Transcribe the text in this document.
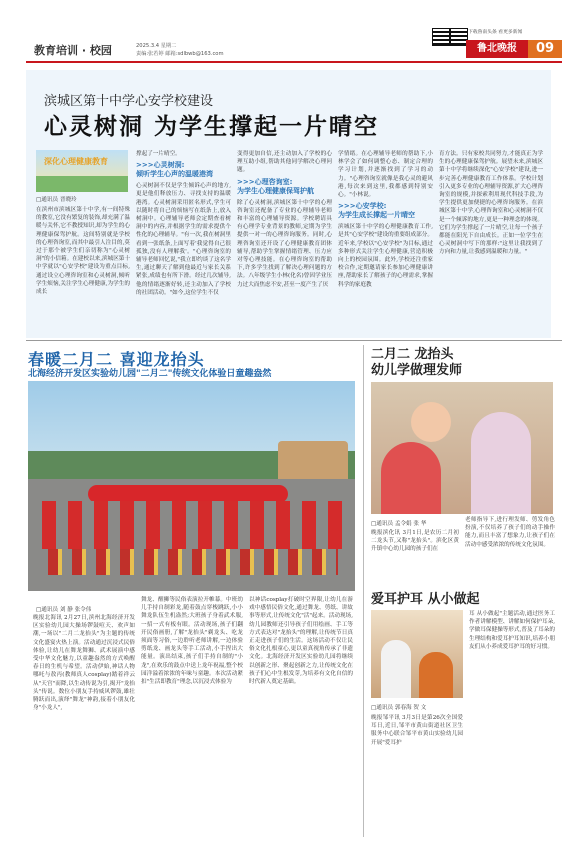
教育培训 · 校园	2025.3.4 星期二
责编:张若婷 邮箱:sdlbwb@163.com
下载鲁南头条 看更多新闻
鲁北晚报	09
滨城区第十中学心安学校建设
心灵树洞 为学生撑起一片晴空
深化心理健康教育
□通讯员 晋晓玲
在滨州市滨城区第十中学,有一间特殊的教室,它没有繁复的装饰,却充满了温暖与关怀,它不教授知识,却为学生的心理健康保驾护航。这间特别就是学校的心理咨询室,而其中最引人注目的,莫过于那个被学生们亲切称为"心灵树洞"的小信箱。在建校以来,滨城区第十中学就以"心安学校"建设为重点目标,通过设立心理咨询室和心灵树洞,倾听学生烦恼,关注学生心理健康,为学生的成长
撑起了一片晴空。
>>>心灵树洞:
倾听学生心声的温暖港湾
心灵树洞不仅是学生倾诉心声的地方,更是他们释放压力、寻找支持的温暖港湾。心灵树洞采用匿名形式,学生可以随时将自己的烦恼写在纸条上,放入树洞中。心理辅导老师会定期查看树洞中的内容,并根据学生的需求提供个性化的心理辅导。"有一次,我在树洞里看到一张纸条,上面写着'我觉得自己很孤独,没有人理解我'。"心理咨询室的辅导老师回忆说,"我立即约谈了这名学生,通过聊天了解到他最近与家长关系紧张,成绩也有所下滑。经过几次辅导,他的情绪逐渐好转,还主动加入了学校的社团活动。"如今,这位学生不仅
变得更加自信,还主动加入了学校的心理互助小组,帮助其他同学解决心理问题。
>>>心理咨询室:
为学生心理健康保驾护航
除了心灵树洞,滨城区第十中学的心理咨询室还配备了专业的心理辅导老师和丰富的心理辅导资源。学校聘请具有心理学专业背景的教师,定期为学生提供一对一的心理咨询服务。同时,心理咨询室还开设了心理健康教育团体辅导,帮助学生掌握情绪管理、压力应对等心理技能。在心理咨询室的帮助下,许多学生找到了解决心理问题的方法。八年级学生小林(化名)曾因学业压力过大而焦虑不安,甚至一度产生了厌
学情绪。在心理辅导老师的帮助下,小林学会了如何调整心态、制定合理的学习计划,并逐渐找到了学习的动力。"心理咨询室就像是我心灵的避风港,每次来到这里,我都感到特别安心。"小林说。
>>>心安学校:
为学生成长撑起一片晴空
滨城区第十中学的心理健康教育工作,是其"心安学校"建设的重要组成部分。近年来,学校以"心安学校"为目标,通过多种形式关注学生心理健康,营造积极向上的校园氛围。此外,学校还注重家校合作,定期邀请家长参加心理健康讲座,帮助家长了解孩子的心理需求,掌握科学的家庭教
育方法。只有家校共同努力,才能真正为学生的心理健康保驾护航。展望未来,滨城区第十中学将继续深化"心安学校"建设,进一步完善心理健康教育工作体系。学校计划引入更多专业的心理辅导资源,扩大心理咨询室的规模,并探索利用现代科技手段,为学生提供更加便捷的心理咨询服务。在滨城区第十中学,心理咨询室和心灵树洞不仅是一个倾诉的地方,更是一种理念的体现。它们为学生撑起了一片晴空,让每一个孩子都能在阳光下自由成长。正如一位学生在心灵树洞中写下的那样:"这里让我找到了方向和力量,让我感到温暖和力量。"
春暖二月二 喜迎龙抬头
北海经济开发区实验幼儿园"二月二"传统文化体验日童趣盎然
□通讯员 刘 静 张令伟
晚报北海讯 2月27日,滨州北海经济开发区实验幼儿园大操场锣鼓喧天、欢声如潮,一场以"二月二龙抬头"为主题的传统文化盛宴火热上演。活动通过沉浸式民俗体验,让幼儿在舞龙舞狮、武术展演中感受中华文化魅力,以童趣盎然的方式唤醒春日的生机与希望。活动伊始,神话人物哪吒与敖丙(教师真人cosplay)踏着祥云从"天宫"而降,以生动传说为引,揭开"龙抬头"传说。数位小朋友手持威风锣鼓,雄壮腾跃而出,演绎"舞龙"神韵,接着小朋友化身"小龙人",
舞龙、醒狮等民俗表演拉开帷幕。中班幼儿手持自制彩龙,随着鼓点穿梭跳跃,小小舞龙队伍生机盎然;大班孩子身着武术服,一招一式有板有眼。活动现场,孩子们翻开民俗画册,了解"龙抬头"剃龙头、吃龙须面等习俗,一边聆听老师讲解,一边体验剪纸龙、画龙头等手工活动,小手捏出大能量。演出结束,孩子们手持自制的"小龙",在欢乐的鼓点中送上龙年祝福,整个校园洋溢着浓浓的年味与童趣。本次活动紧扣"生活即教育"理念,以沉浸式体验为
以神话cosplay打破时空界限,让幼儿在游戏中感悟民俗文化,通过舞龙、剪纸、讲故事等形式,让传统文化"活"起来。活动现场,幼儿园教师还引导孩子们用绘画、手工等方式表达对"龙抬头"的理解,让传统节日真正走进孩子们的生活。这场活动不仅让民俗文化扎根童心,更以童真视角传承了非遗文化。北海经济开发区实验幼儿园将继续以创新之形、聚起创新之力,让传统文化在孩子们心中生根发芽,为培养有文化自信的时代新人奠定基础。
二月二 龙抬头
幼儿学做理发师
□通讯员 孟令娟 张 华
晚报滨化讯 3月1日,是农历二月初二龙头节,又称"龙抬头"。滨化区黄升镇中心幼儿园的孩子们在
老师指导下,进行理发师、剪发角色扮演,不仅培养了孩子们的动手操作能力,而且丰富了想象力,让孩子们在活动中感受浓浓的传统文化氛围。
爱耳护耳 从小做起
□通讯员 郭春海 贺 文
晚报邹平讯 3月3日是第26次全国爱耳日,近日,邹平市黄山街道社区卫生服务中心联合邹平市黄山实验幼儿园开展"爱耳护
耳 从小做起"主题活动,通过医务工作者讲解模型、讲解如何保护耳朵,学做耳保健操等形式,普及了耳朵的生理结构和爱耳护耳知识,培养小朋友们从小养成爱耳护耳的好习惯。
